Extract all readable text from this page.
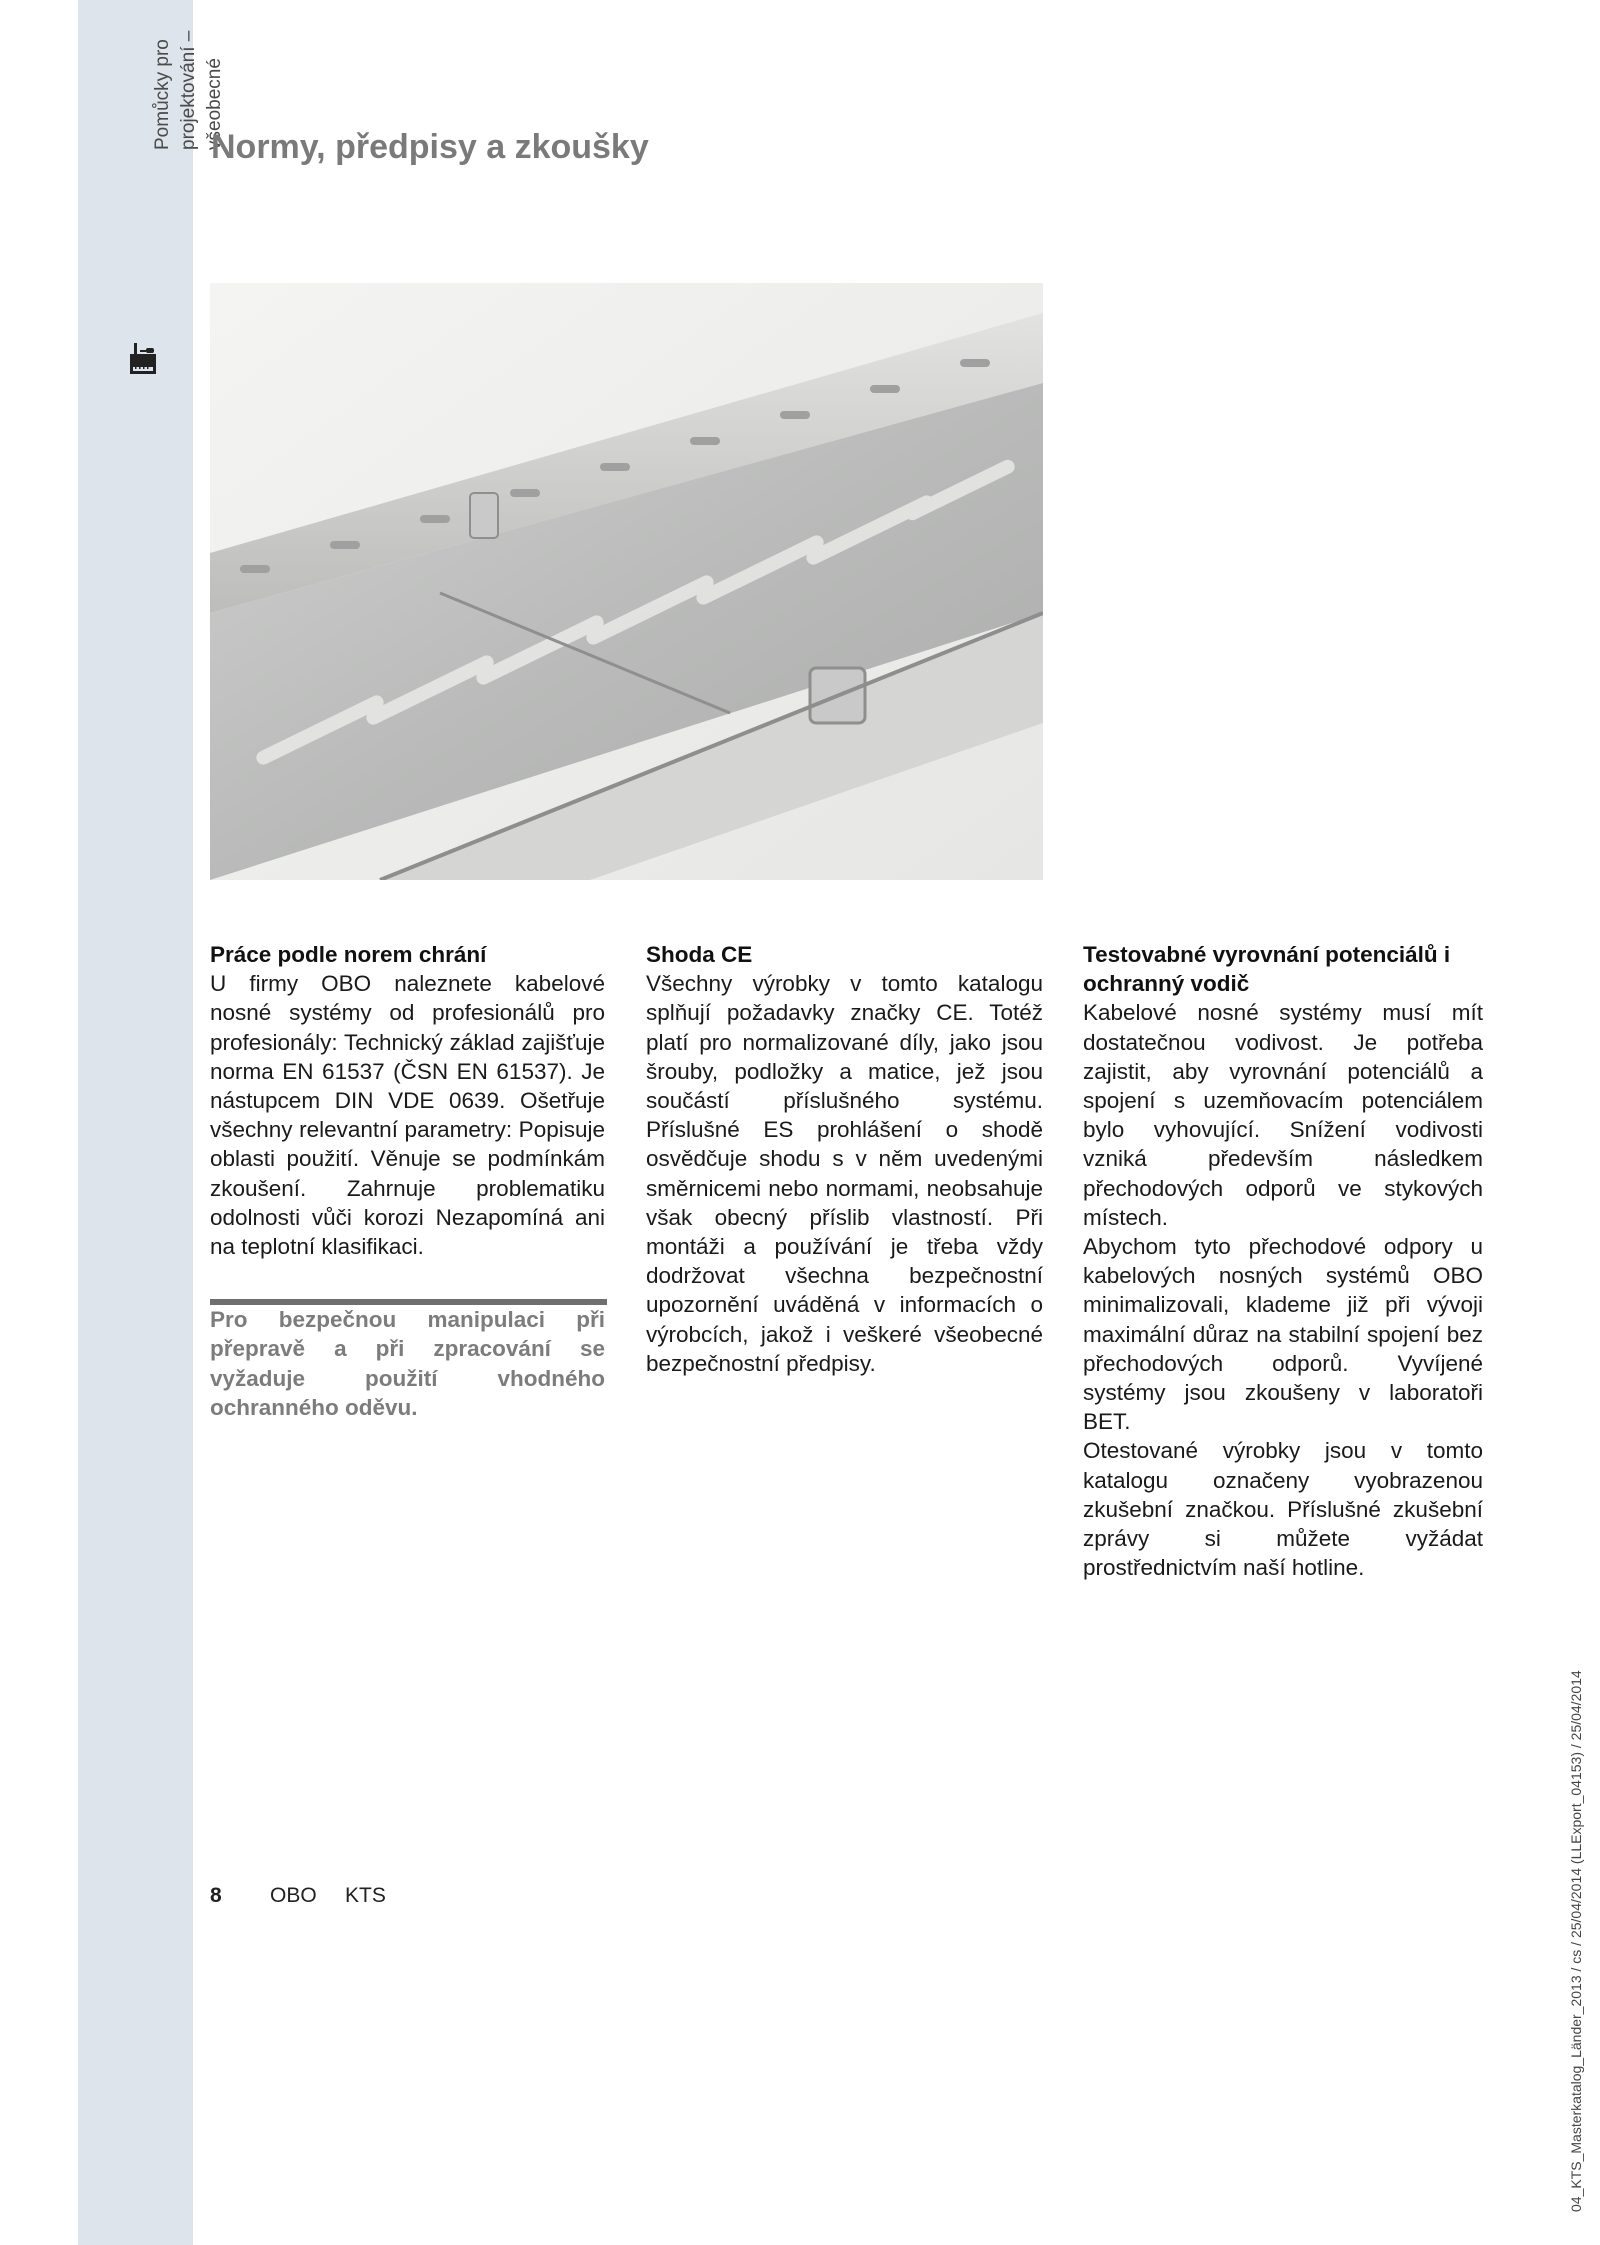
Pomůcky pro projektování – všeobecné
Normy, předpisy a zkoušky
Práce podle norem chrání

U firmy OBO naleznete kabelové nosné systémy od profesionálů pro profesionály: Technický základ zajišťuje norma EN 61537 (ČSN EN 61537). Je nástupcem DIN VDE 0639. Ošetřuje všechny relevantní parametry: Popisuje oblasti použití. Věnuje se podmínkám zkoušení. Zahrnuje problematiku odolnosti vůči korozi Nezapomíná ani na teplotní klasifikaci.

Pro bezpečnou manipulaci při přepravě a při zpracování se vyžaduje použití vhodného ochranného oděvu.

Shoda CE

Všechny výrobky v tomto katalogu splňují požadavky značky CE. Totéž platí pro normalizované díly, jako jsou šrouby, podložky a matice, jež jsou součástí příslušného systému. Příslušné ES prohlášení o shodě osvědčuje shodu s v něm uvedenými směrnicemi nebo normami, neobsahuje však obecný příslib vlastností. Při montáži a používání je třeba vždy dodržovat všechna bezpečnostní upozornění uváděná v informacích o výrobcích, jakož i veškeré všeobecné bezpečnostní předpisy.

Testovabné vyrovnání potenciálů i ochranný vodič

Kabelové nosné systémy musí mít dostatečnou vodivost. Je potřeba zajistit, aby vyrovnání potenciálů a spojení s uzemňovacím potenciálem bylo vyhovující. Snížení vodivosti vzniká především následkem přechodových odporů ve stykových místech.

Abychom tyto přechodové odpory u kabelových nosných systémů OBO minimalizovali, klademe již při vývoji maximální důraz na stabilní spojení bez přechodových odporů. Vyvíjené systémy jsou zkoušeny v laboratoři BET.

Otestované výrobky jsou v tomto katalogu označeny vyobrazenou zkušební značkou. Příslušné zkušební zprávy si můžete vyžádat prostřednictvím naší hotline.

8 OBO KTS	04_KTS_Masterkatalog_Länder_2013 / cs / 25/04/2014 (LLExport_04153) / 25/04/2014
